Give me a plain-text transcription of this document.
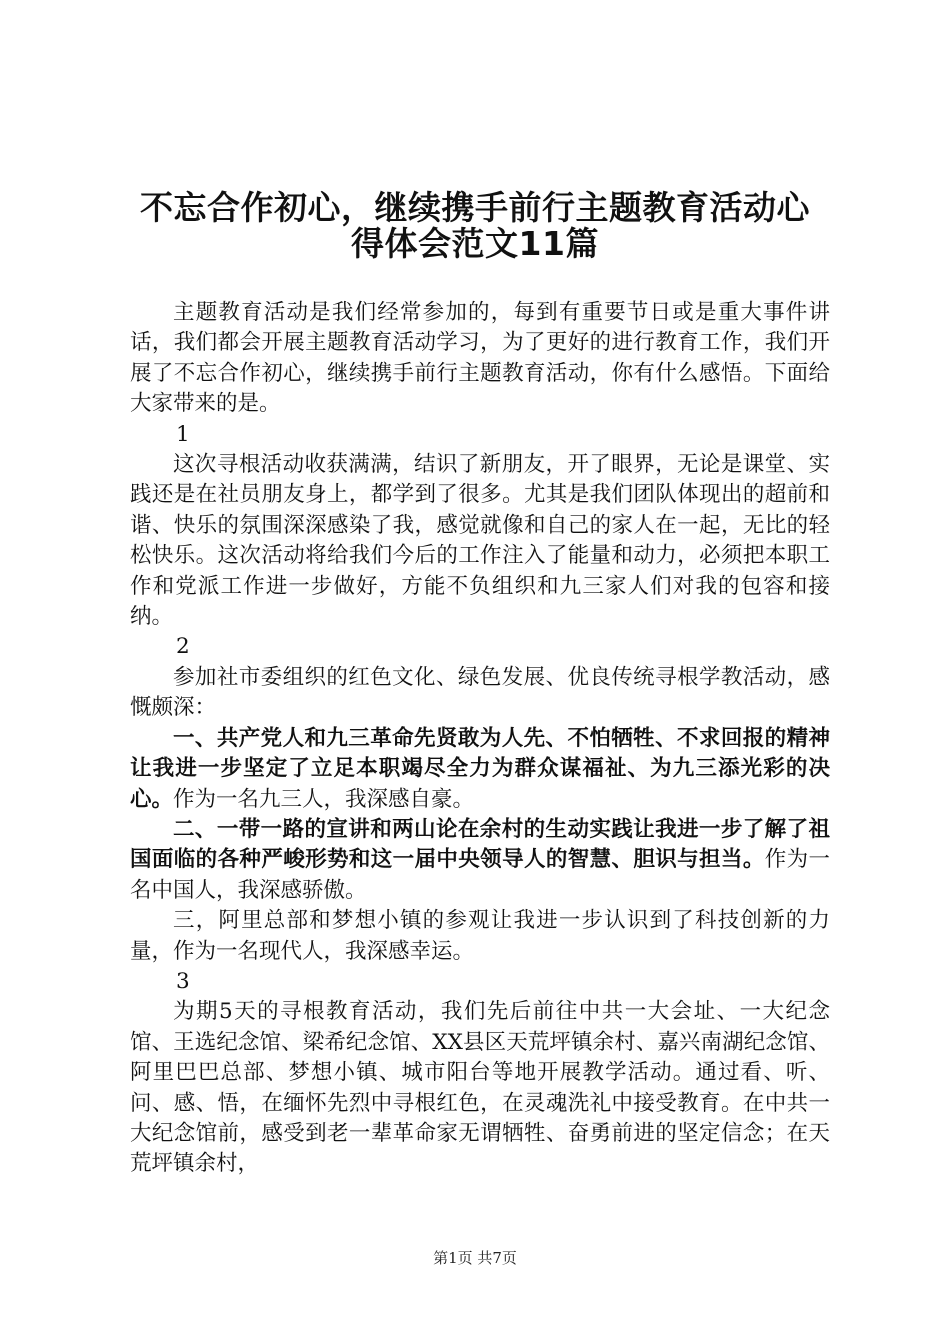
不忘合作初心，继续携手前行主题教育活动心
得体会范文11篇

主题教育活动是我们经常参加的，每到有重要节日或是重大事件讲话，我们都会开展主题教育活动学习，为了更好的进行教育工作，我们开展了不忘合作初心，继续携手前行主题教育活动，你有什么感悟。下面给大家带来的是。

1

这次寻根活动收获满满，结识了新朋友，开了眼界，无论是课堂、实践还是在社员朋友身上，都学到了很多。尤其是我们团队体现出的超前和谐、快乐的氛围深深感染了我，感觉就像和自己的家人在一起，无比的轻松快乐。这次活动将给我们今后的工作注入了能量和动力，必须把本职工作和党派工作进一步做好，方能不负组织和九三家人们对我的包容和接纳。

2

参加社市委组织的红色文化、绿色发展、优良传统寻根学教活动，感慨颇深：

一、共产党人和九三革命先贤敢为人先、不怕牺牲、不求回报的精神让我进一步坚定了立足本职竭尽全力为群众谋福祉、为九三添光彩的决心。作为一名九三人，我深感自豪。

二、一带一路的宣讲和两山论在余村的生动实践让我进一步了解了祖国面临的各种严峻形势和这一届中央领导人的智慧、胆识与担当。作为一名中国人，我深感骄傲。

三，阿里总部和梦想小镇的参观让我进一步认识到了科技创新的力量，作为一名现代人，我深感幸运。

3

为期5天的寻根教育活动，我们先后前往中共一大会址、一大纪念馆、王选纪念馆、梁希纪念馆、XX县区天荒坪镇余村、嘉兴南湖纪念馆、阿里巴巴总部、梦想小镇、城市阳台等地开展教学活动。通过看、听、问、感、悟，在缅怀先烈中寻根红色，在灵魂洗礼中接受教育。在中共一大纪念馆前，感受到老一辈革命家无谓牺牲、奋勇前进的坚定信念；在天荒坪镇余村，

第1页 共7页
